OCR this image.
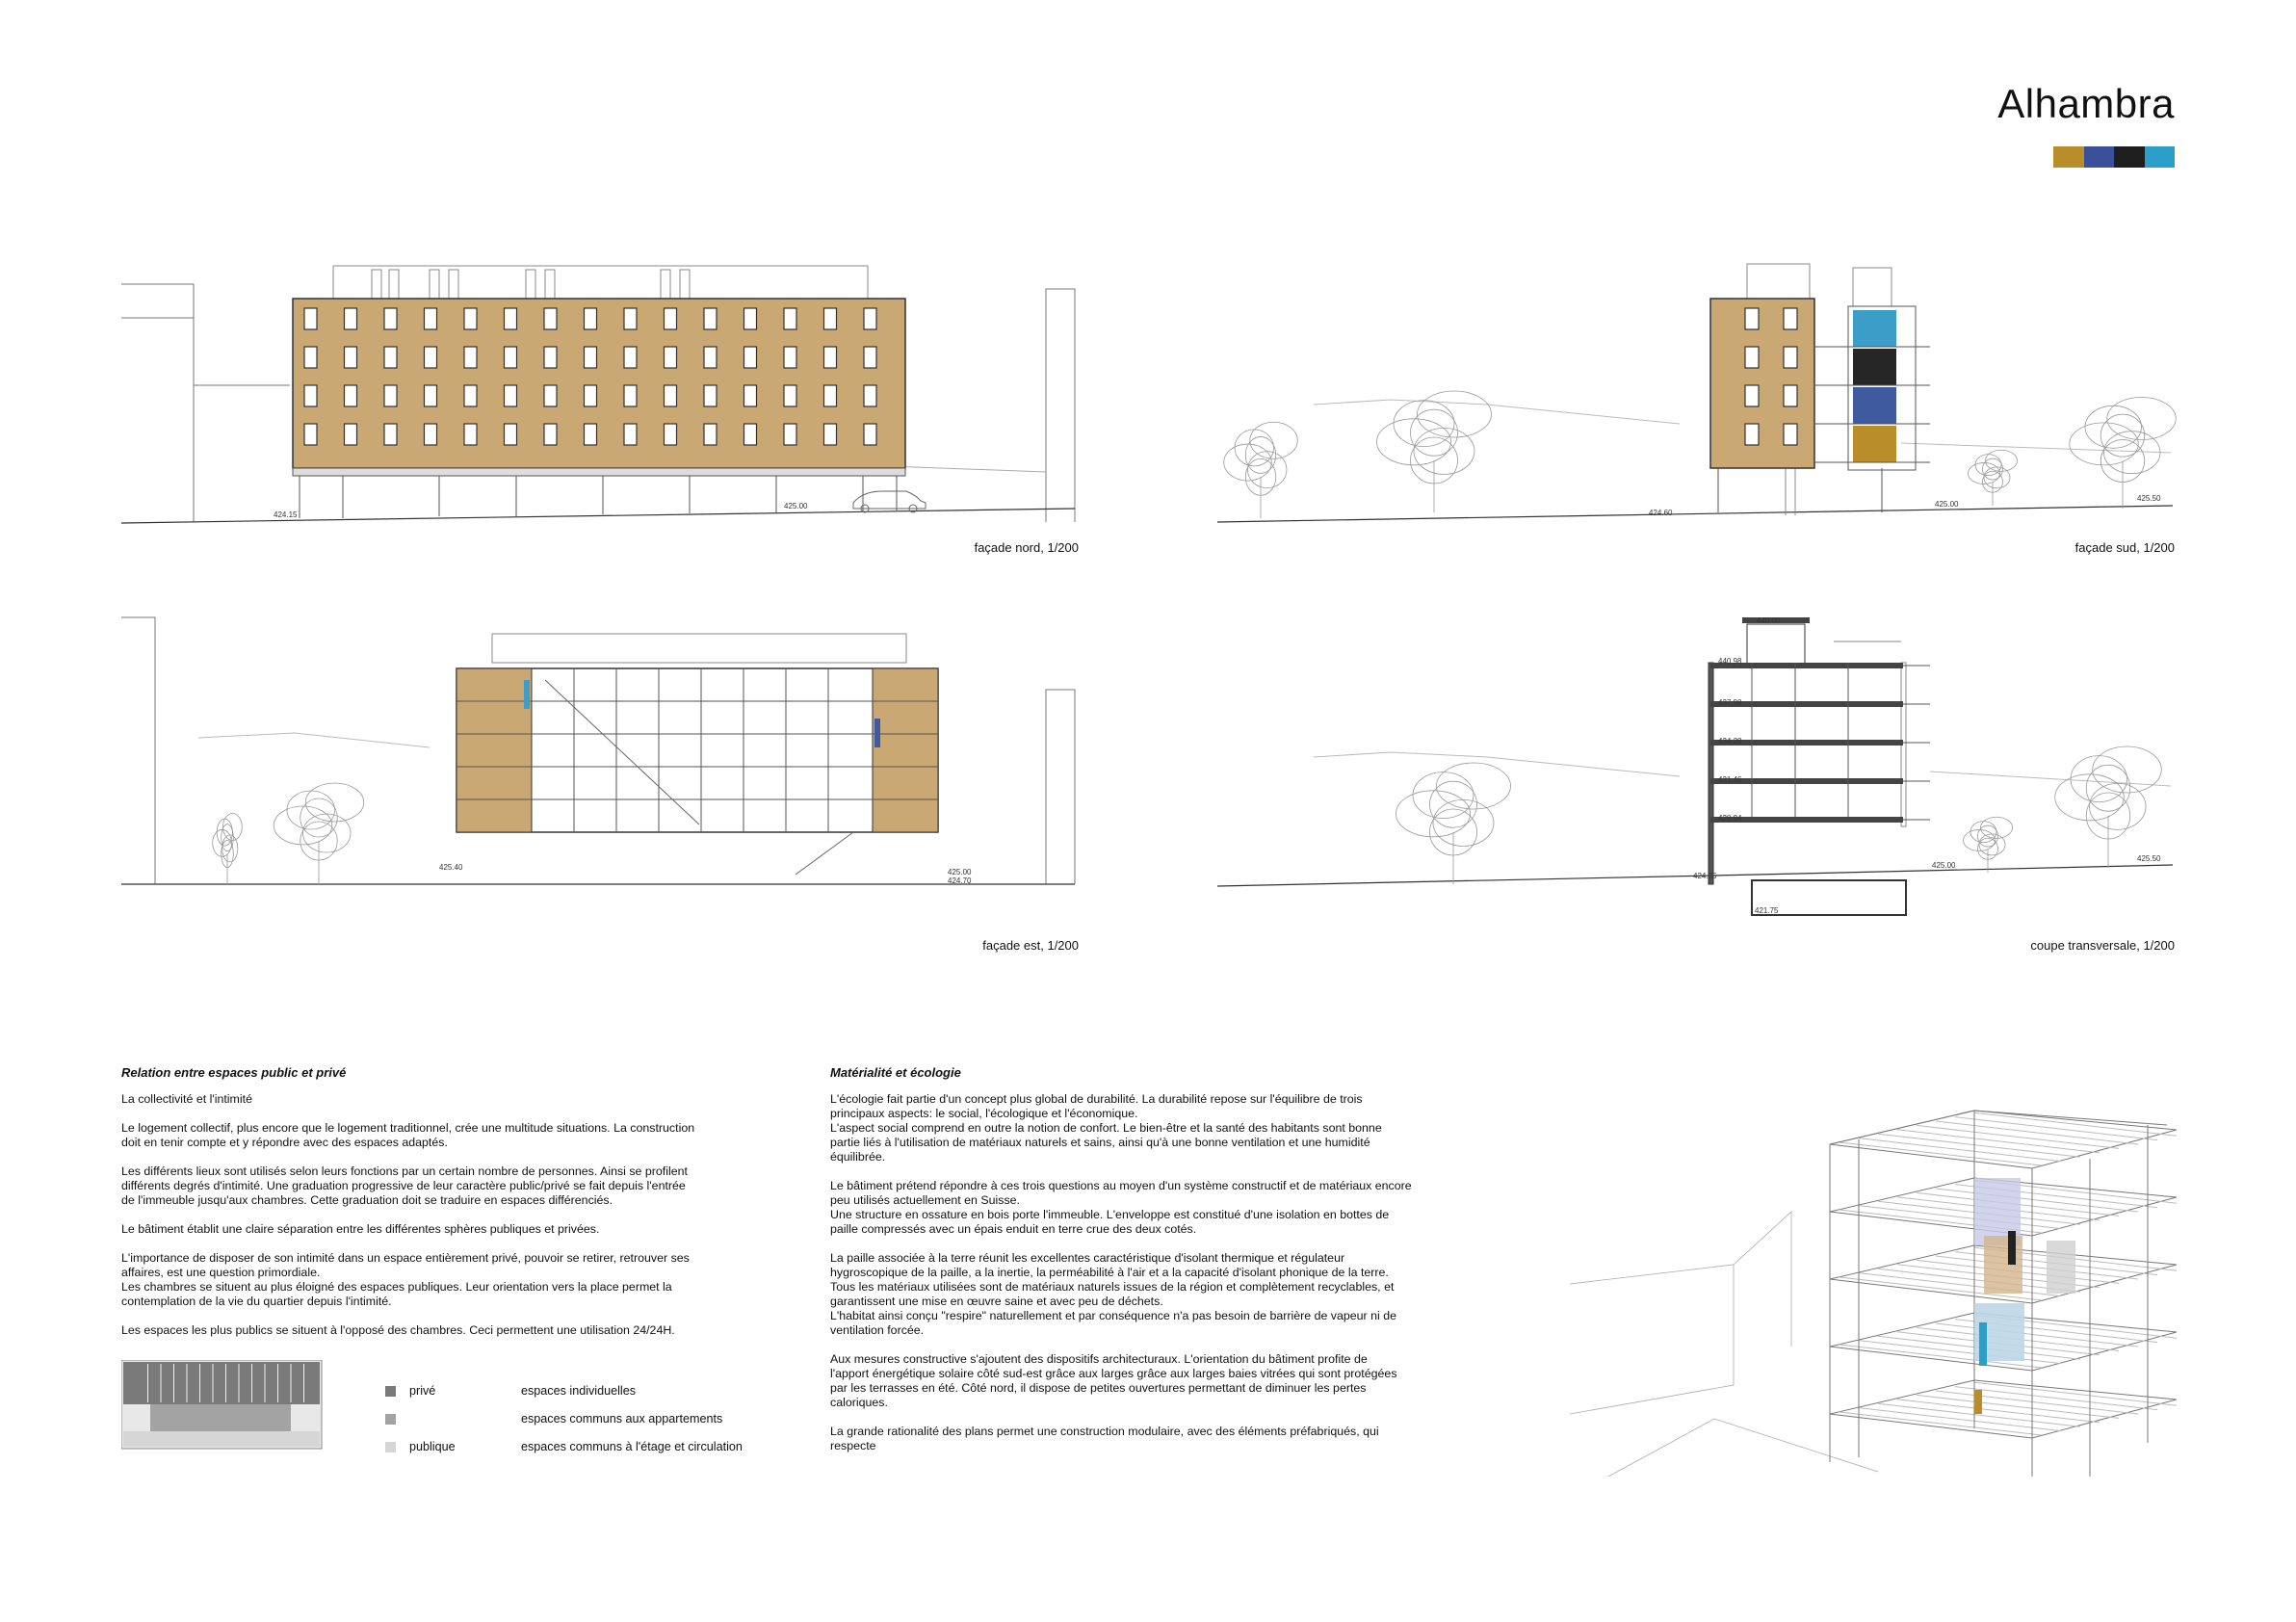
Alhambra
424.15
425.00
façade nord, 1/200
424.60
425.00
425.50
façade sud, 1/200
425.40
425.00
424.70
façade est, 1/200
440.00
440.98
437.98
434.28
431.46
428.94
424.35
425.00
425.50
421.75
coupe transversale, 1/200
Relation entre espaces public et privé

La collectivité et l'intimité

Le logement collectif, plus encore que le logement traditionnel, crée une multitude situations. La construction
doit en tenir compte et y répondre avec des espaces adaptés.

Les différents lieux sont utilisés selon leurs fonctions par un certain nombre de personnes. Ainsi se profilent
différents degrés d'intimité. Une graduation progressive de leur caractère public/privé se fait depuis l'entrée
de l'immeuble jusqu'aux chambres. Cette graduation doit se traduire en espaces différenciés.

Le bâtiment établit une claire séparation entre les différentes sphères publiques et privées.

L'importance de disposer de son intimité dans un espace entièrement privé, pouvoir se retirer, retrouver ses
affaires, est une question primordiale.
Les chambres se situent au plus éloigné des espaces publiques. Leur orientation vers la place permet la
contemplation de la vie du quartier depuis l'intimité.

Les espaces les plus publics se situent à l'opposé des chambres. Ceci permettent une utilisation 24/24H.

privé	espaces individuelles
espaces communs aux appartements
publique	espaces communs à l'étage et circulation
Matérialité et écologie

L'écologie fait partie d'un concept plus global de durabilité. La durabilité repose sur l'équilibre de trois
principaux aspects: le social, l'écologique et l'économique.
L'aspect social comprend en outre la notion de confort. Le bien-être et la santé des habitants sont bonne
partie liés à l'utilisation de matériaux naturels et sains, ainsi qu'à une bonne ventilation et une humidité
équilibrée.

Le bâtiment prétend répondre à ces trois questions au moyen d'un système constructif et de matériaux encore
peu utilisés actuellement en Suisse.
Une structure en ossature en bois porte l'immeuble. L'enveloppe est constitué d'une isolation en bottes de
paille compressés avec un épais enduit en terre crue des deux cotés.

La paille associée à la terre réunit les excellentes caractéristique d'isolant thermique et régulateur
hygroscopique de la paille, a la inertie, la perméabilité à l'air et a la capacité d'isolant phonique de la terre.
Tous les matériaux utilisées sont de matériaux naturels issues de la région et complètement recyclables, et
garantissent une mise en œuvre saine et avec peu de déchets.
L'habitat ainsi conçu "respire" naturellement et par conséquence n'a pas besoin de barrière de vapeur ni de
ventilation forcée.

Aux mesures constructive s'ajoutent des dispositifs architecturaux. L'orientation du bâtiment profite de
l'apport énergétique solaire côté sud-est grâce aux larges grâce aux larges baies vitrées qui sont protégées
par les terrasses en été. Côté nord, il dispose de petites ouvertures permettant de diminuer les pertes
caloriques.

La grande rationalité des plans permet une construction modulaire, avec des éléments préfabriqués, qui
respecte
